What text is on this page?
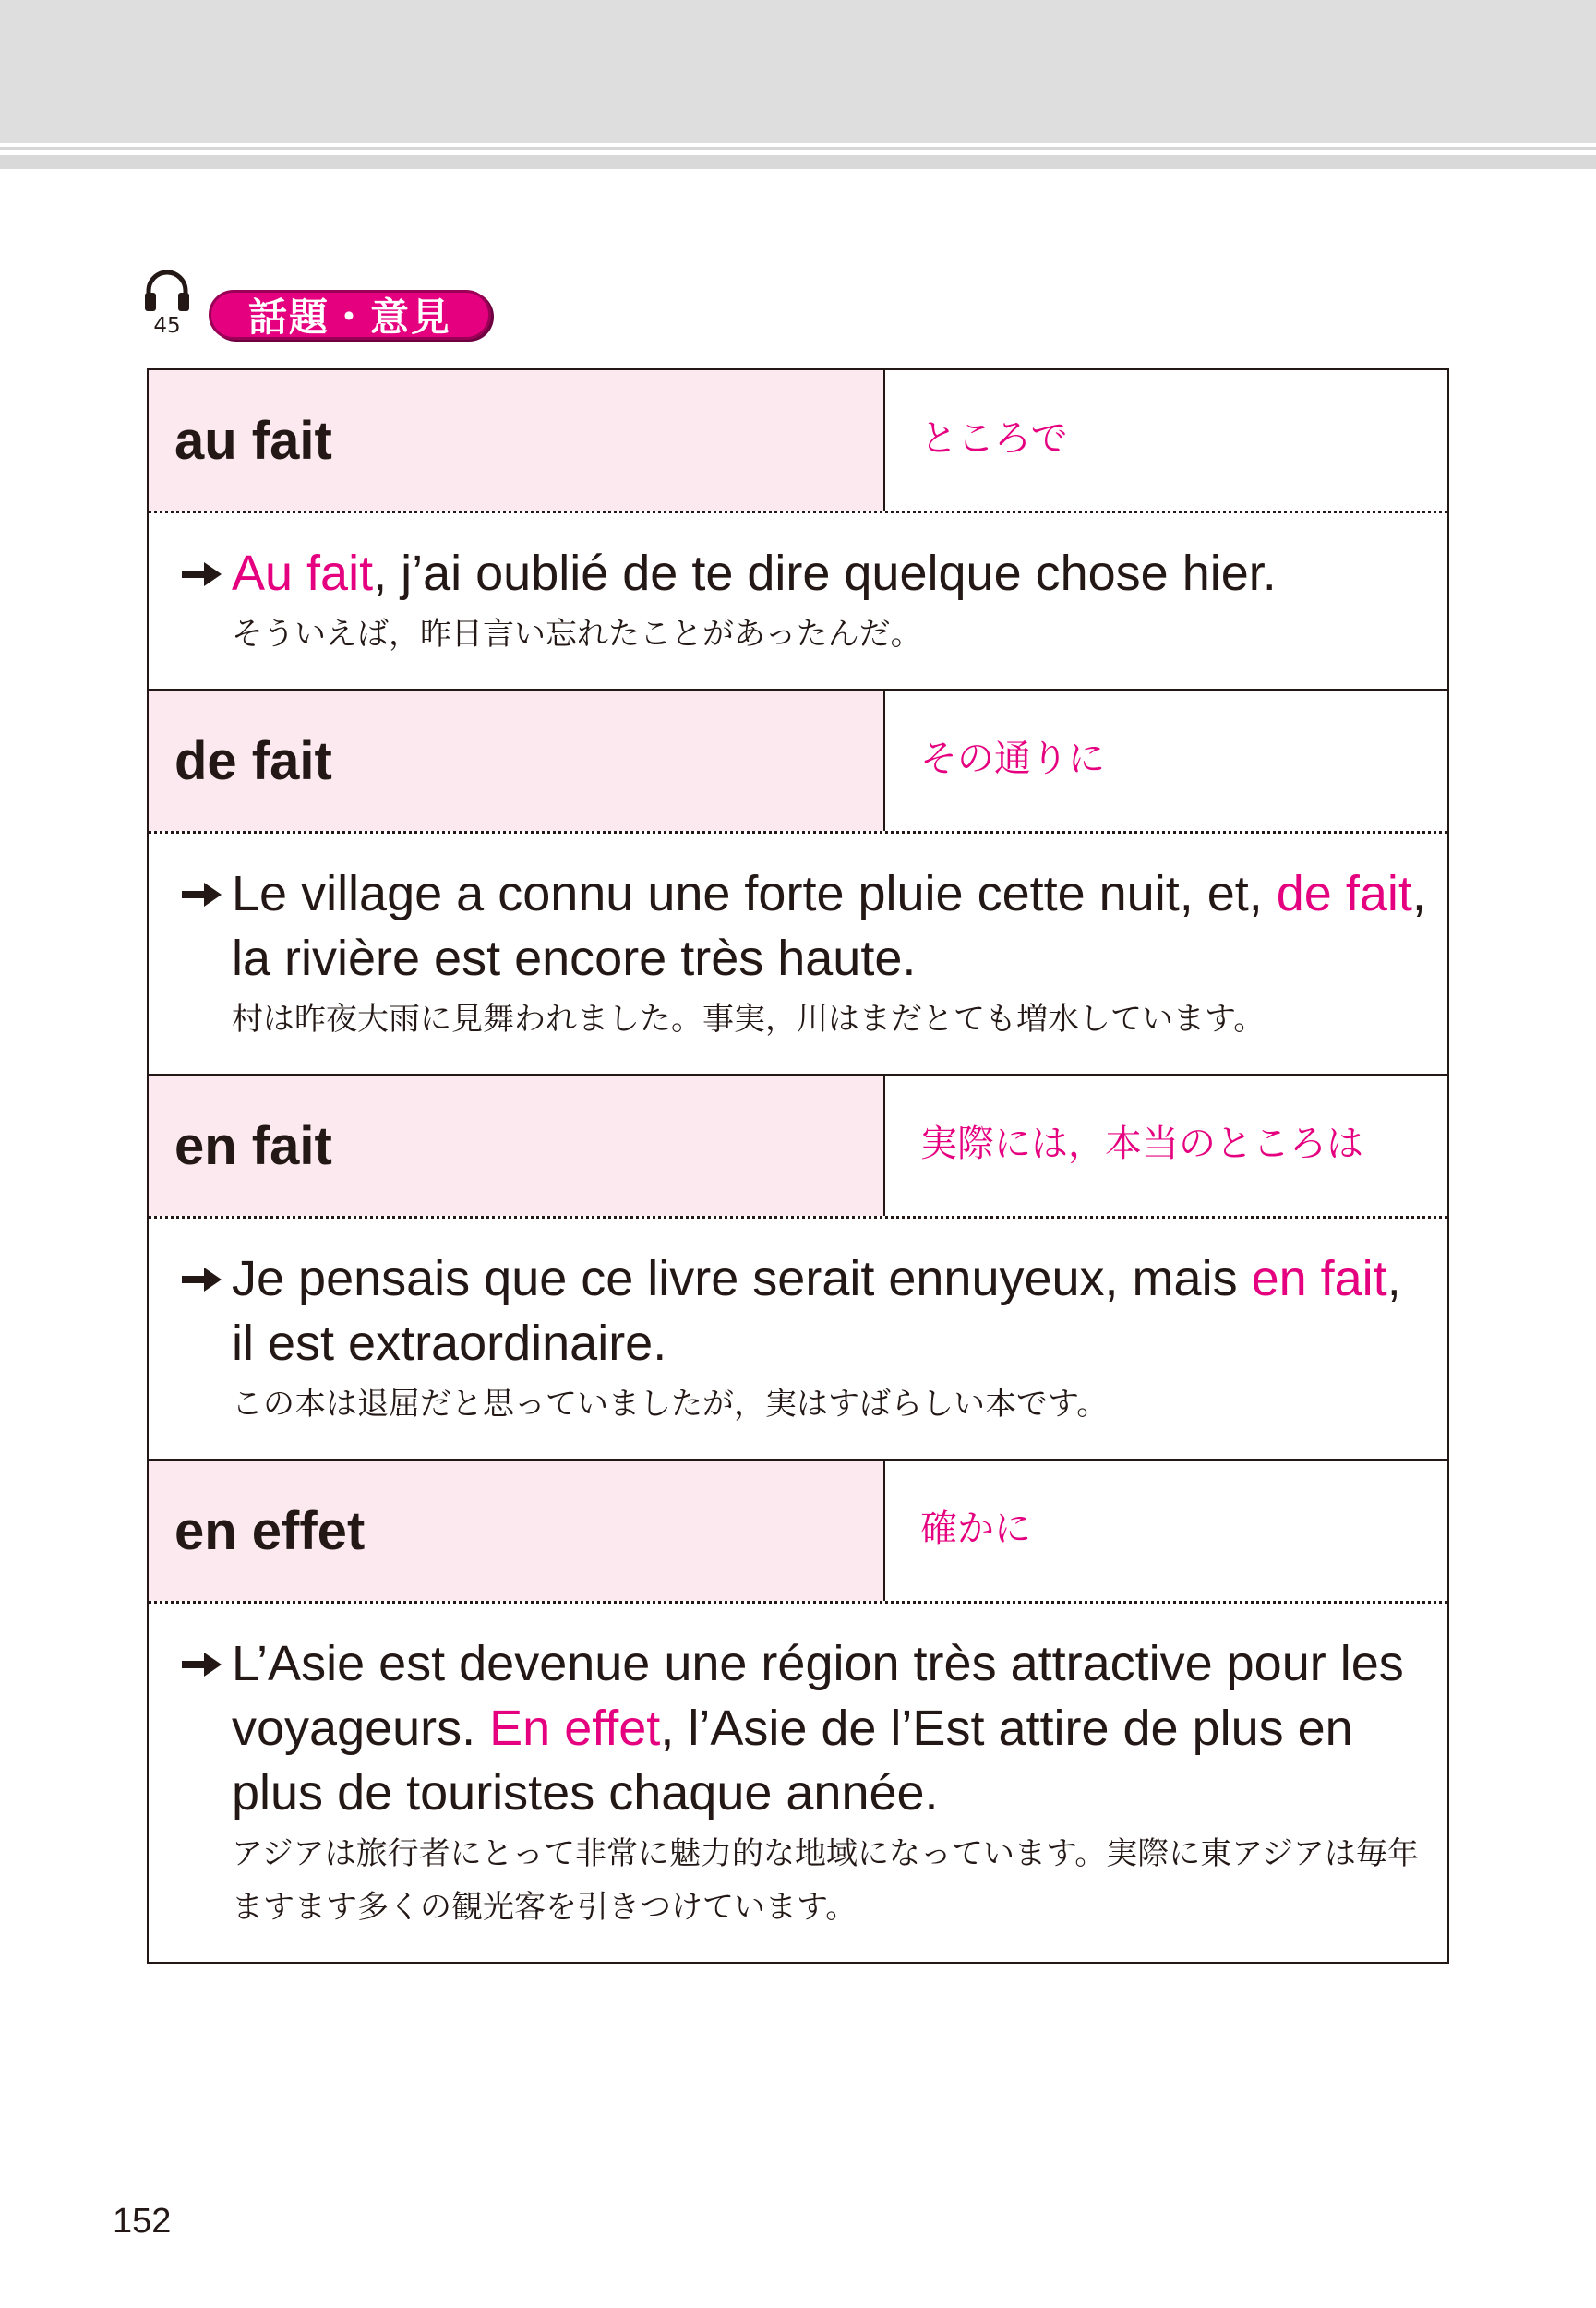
45	話題・意見
au fait	ところで
Au fait, j’ai oublié de te dire quelque chose hier.
そういえば，昨日言い忘れたことがあったんだ。
de fait	その通りに
Le village a connu une forte pluie cette nuit, et, de fait, la rivière est encore très haute.
村は昨夜大雨に見舞われました。事実，川はまだとても増水しています。
en fait	実際には，本当のところは
Je pensais que ce livre serait ennuyeux, mais en fait, il est extraordinaire.
この本は退屈だと思っていましたが，実はすばらしい本です。
en effet	確かに
L’Asie est devenue une région très attractive pour les voyageurs. En effet, l’Asie de l’Est attire de plus en plus de touristes chaque année.
アジアは旅行者にとって非常に魅力的な地域になっています。実際に東アジアは毎年ますます多くの観光客を引きつけています。
152
